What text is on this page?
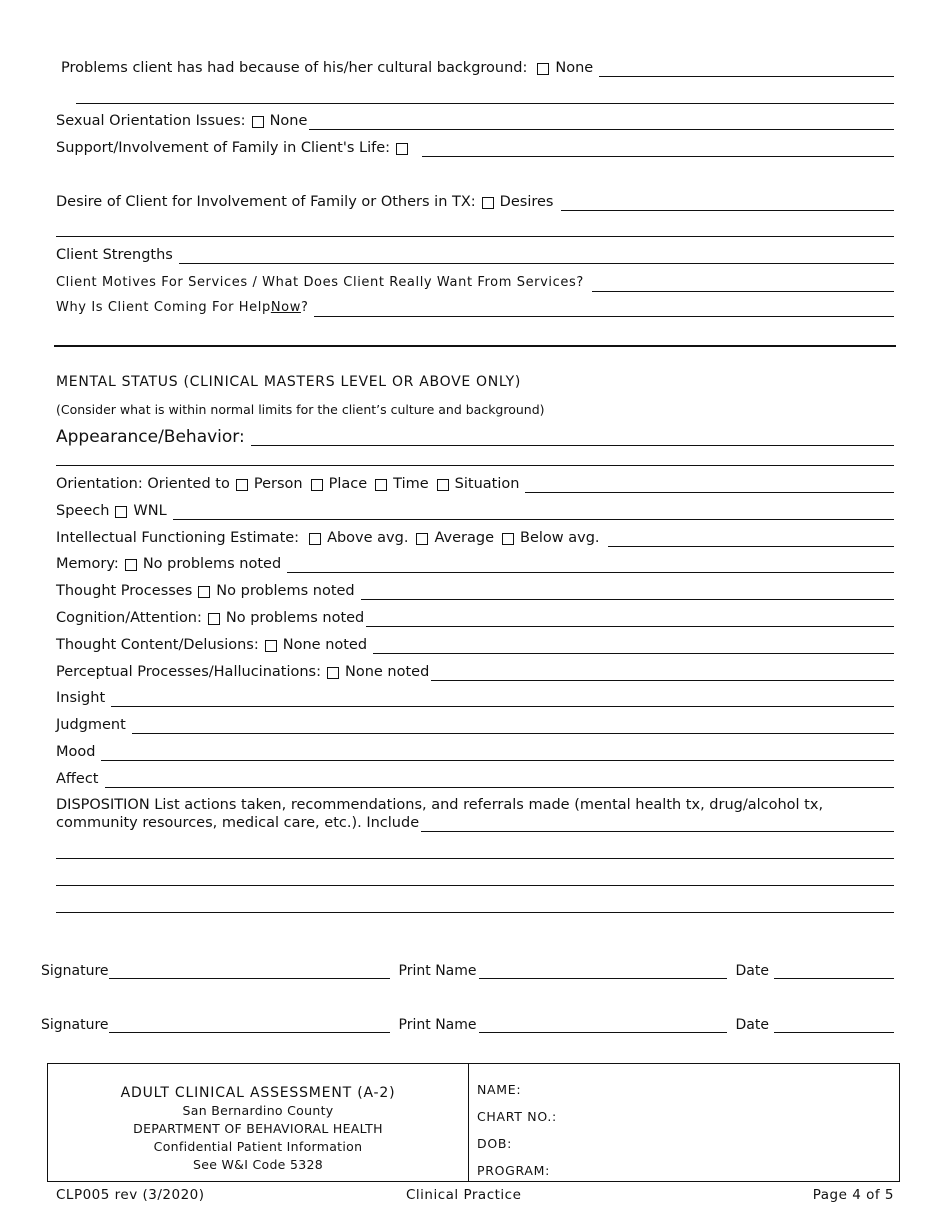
Problems client has had because of his/her cultural background: None
Sexual Orientation Issues: None
Support/Involvement of Family in Client's Life:
Desire of Client for Involvement of Family or Others in TX: Desires
Client Strengths
Client Motives For Services / What Does Client Really Want From Services?
Why Is Client Coming For Help Now ?
MENTAL STATUS (CLINICAL MASTERS LEVEL OR ABOVE ONLY)
(Consider what is within normal limits for the client’s culture and background)
Appearance/Behavior:
Orientation: Oriented to Person Place Time Situation
Speech WNL
Intellectual Functioning Estimate: Above avg. Average Below avg.
Memory: No problems noted
Thought Processes No problems noted
Cognition/Attention: No problems noted
Thought Content/Delusions: None noted
Perceptual Processes/Hallucinations: None noted
Insight
Judgment
Mood
Affect
DISPOSITION List actions taken, recommendations, and referrals made (mental health tx, drug/alcohol tx,
community resources, medical care, etc.). Include
Signature	Print Name	Date
Signature	Print Name	Date
ADULT CLINICAL ASSESSMENT (A-2)
San Bernardino County
DEPARTMENT OF BEHAVIORAL HEALTH
Confidential Patient Information
See W&I Code 5328
NAME:
CHART NO.:
DOB:
PROGRAM:
CLP005 rev (3/2020)	Clinical Practice	Page 4 of 5
